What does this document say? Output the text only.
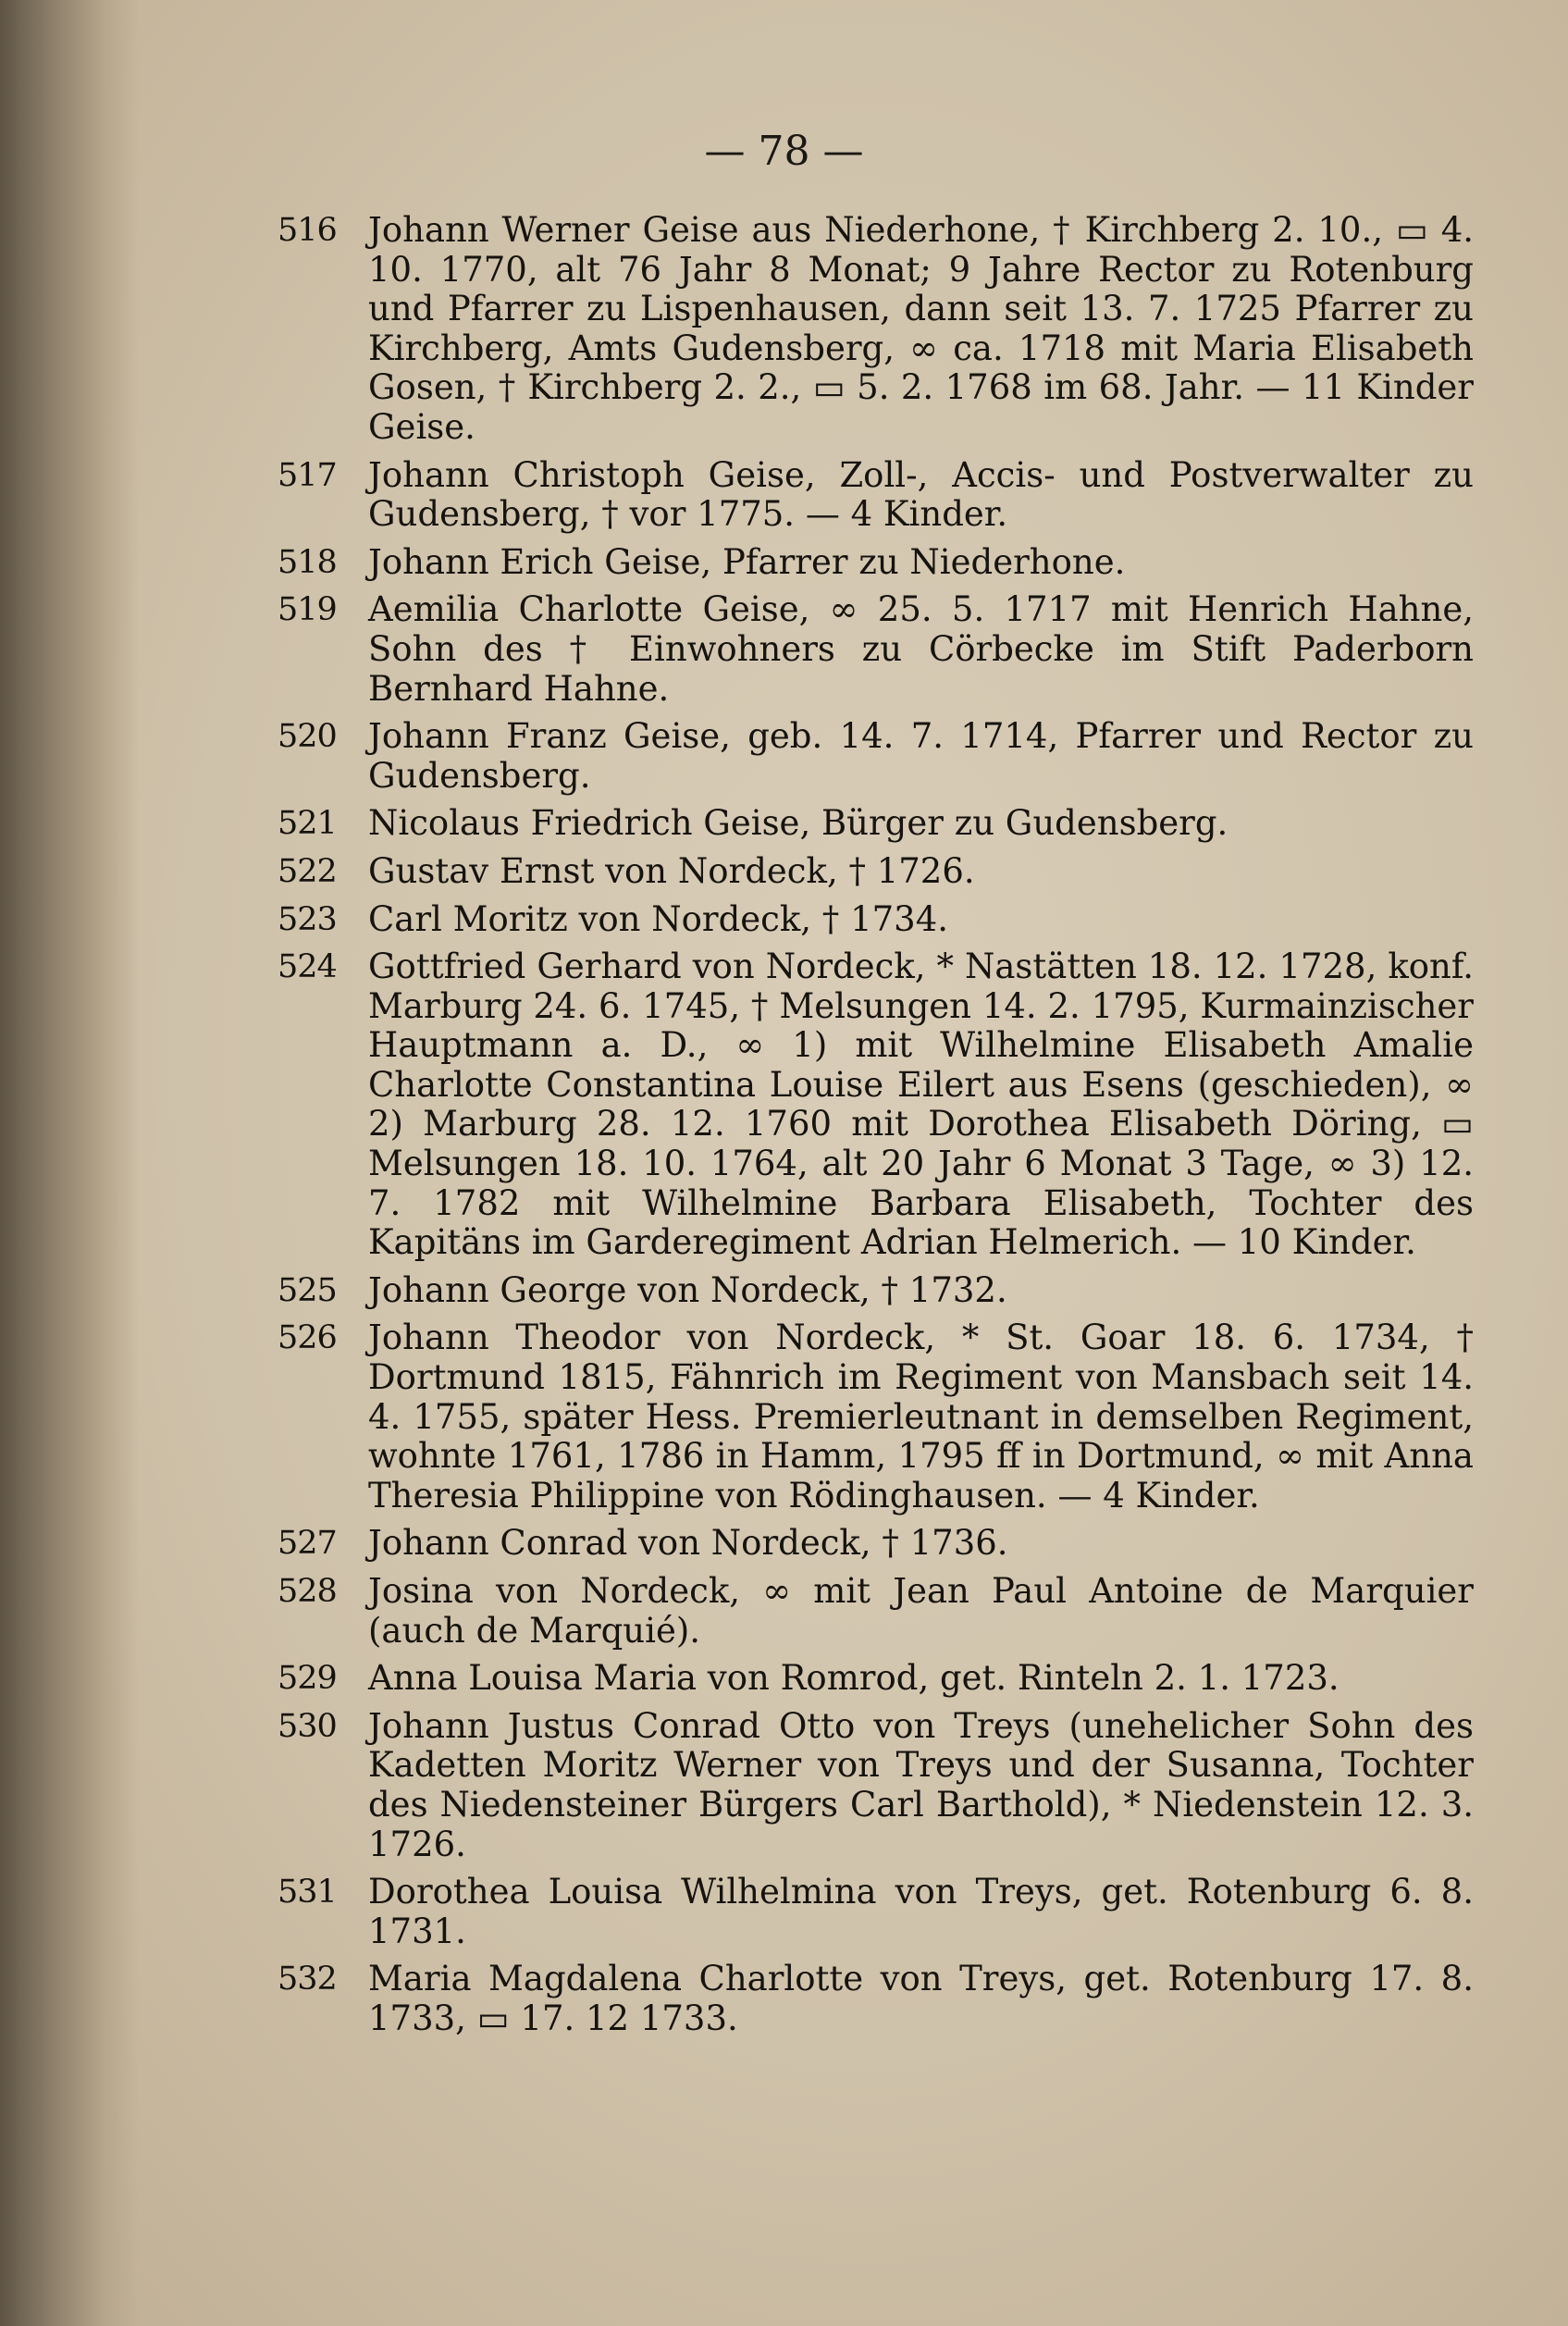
— 78 —
516 Johann Werner Geise aus Niederhone, † Kirchberg 2. 10., ▭ 4. 10. 1770, alt 76 Jahr 8 Monat; 9 Jahre Rector zu Rotenburg und Pfarrer zu Lispenhausen, dann seit 13. 7. 1725 Pfarrer zu Kirchberg, Amts Gudensberg, ∞ ca. 1718 mit Maria Elisabeth Gosen, † Kirchberg 2. 2., ▭ 5. 2. 1768 im 68. Jahr. — 11 Kinder Geise.
517 Johann Christoph Geise, Zoll-, Accis- und Postverwalter zu Gudensberg, † vor 1775. — 4 Kinder.
518 Johann Erich Geise, Pfarrer zu Niederhone.
519 Aemilia Charlotte Geise, ∞ 25. 5. 1717 mit Henrich Hahne, Sohn des † Einwohners zu Cörbecke im Stift Paderborn Bernhard Hahne.
520 Johann Franz Geise, geb. 14. 7. 1714, Pfarrer und Rector zu Gudensberg.
521 Nicolaus Friedrich Geise, Bürger zu Gudensberg.
522 Gustav Ernst von Nordeck, † 1726.
523 Carl Moritz von Nordeck, † 1734.
524 Gottfried Gerhard von Nordeck, * Nastätten 18. 12. 1728, konf. Marburg 24. 6. 1745, † Melsungen 14. 2. 1795, Kurmainzischer Hauptmann a. D., ∞ 1) mit Wilhelmine Elisabeth Amalie Charlotte Constantina Louise Eilert aus Esens (geschieden), ∞ 2) Marburg 28. 12. 1760 mit Dorothea Elisabeth Döring, ▭ Melsungen 18. 10. 1764, alt 20 Jahr 6 Monat 3 Tage, ∞ 3) 12. 7. 1782 mit Wilhelmine Barbara Elisabeth, Tochter des Kapitäns im Garderegiment Adrian Helmerich. — 10 Kinder.
525 Johann George von Nordeck, † 1732.
526 Johann Theodor von Nordeck, * St. Goar 18. 6. 1734, † Dortmund 1815, Fähnrich im Regiment von Mansbach seit 14. 4. 1755, später Hess. Premierleutnant in demselben Regiment, wohnte 1761, 1786 in Hamm, 1795 ff in Dortmund, ∞ mit Anna Theresia Philippine von Rödinghausen. — 4 Kinder.
527 Johann Conrad von Nordeck, † 1736.
528 Josina von Nordeck, ∞ mit Jean Paul Antoine de Marquier (auch de Marquié).
529 Anna Louisa Maria von Romrod, get. Rinteln 2. 1. 1723.
530 Johann Justus Conrad Otto von Treys (unehelicher Sohn des Kadetten Moritz Werner von Treys und der Susanna, Tochter des Niedensteiner Bürgers Carl Barthold), * Niedenstein 12. 3. 1726.
531 Dorothea Louisa Wilhelmina von Treys, get. Rotenburg 6. 8. 1731.
532 Maria Magdalena Charlotte von Treys, get. Rotenburg 17. 8. 1733, ▭ 17. 12 1733.
